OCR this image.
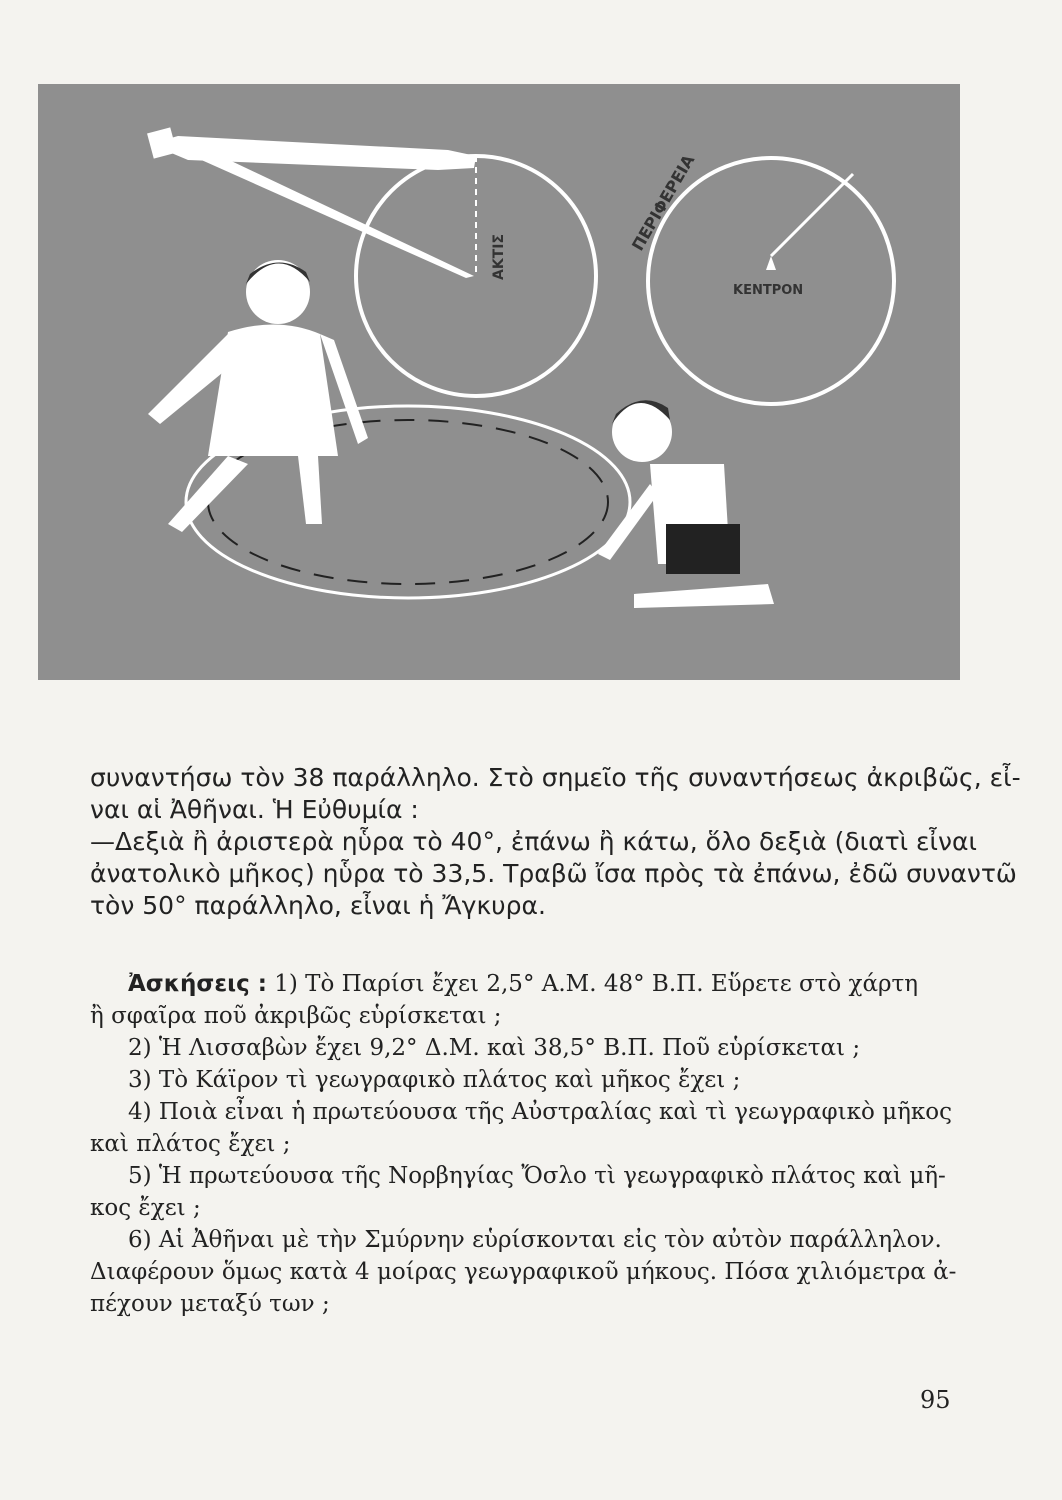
ΑΚΤΙΣ
ΠΕΡΙΦΕΡΕΙΑ
ΚΕΝΤΡΟΝ
συναντήσω τὸν 38 παράλληλο. Στὸ σημεῖο τῆς συναντήσεως ἀκριβῶς, εἶ-
ναι αἱ Ἀθῆναι. Ἡ Εὐθυμία :
—Δεξιὰ ἢ ἀριστερὰ ηὗρα τὸ 40°, ἐπάνω ἢ κάτω, ὅλο δεξιὰ (διατὶ εἶναι
ἀνατολικὸ μῆκος) ηὗρα τὸ 33,5. Τραβῶ ἴσα πρὸς τὰ ἐπάνω, ἐδῶ συναντῶ
τὸν 50° παράλληλο, εἶναι ἡ Ἄγκυρα.
Ἀσκήσεις : 1) Τὸ Παρίσι ἔχει 2,5° Α.Μ. 48° Β.Π. Εὕρετε στὸ χάρτη
ἢ σφαῖρα ποῦ ἀκριβῶς εὑρίσκεται ;
2) Ἡ Λισσαβὼν ἔχει 9,2° Δ.Μ. καὶ 38,5° Β.Π. Ποῦ εὑρίσκεται ;
3) Τὸ Κάϊρον τὶ γεωγραφικὸ πλάτος καὶ μῆκος ἔχει ;
4) Ποιὰ εἶναι ἡ πρωτεύουσα τῆς Αὐστραλίας καὶ τὶ γεωγραφικὸ μῆκος
καὶ πλάτος ἔχει ;
5) Ἡ πρωτεύουσα τῆς Νορβηγίας Ὄσλο τὶ γεωγραφικὸ πλάτος καὶ μῆ-
κος ἔχει ;
6) Αἱ Ἀθῆναι μὲ τὴν Σμύρνην εὑρίσκονται εἰς τὸν αὐτὸν παράλληλον.
Διαφέρουν ὅμως κατὰ 4 μοίρας γεωγραφικοῦ μήκους. Πόσα χιλιόμετρα ἀ-
πέχουν μεταξύ των ;
95
